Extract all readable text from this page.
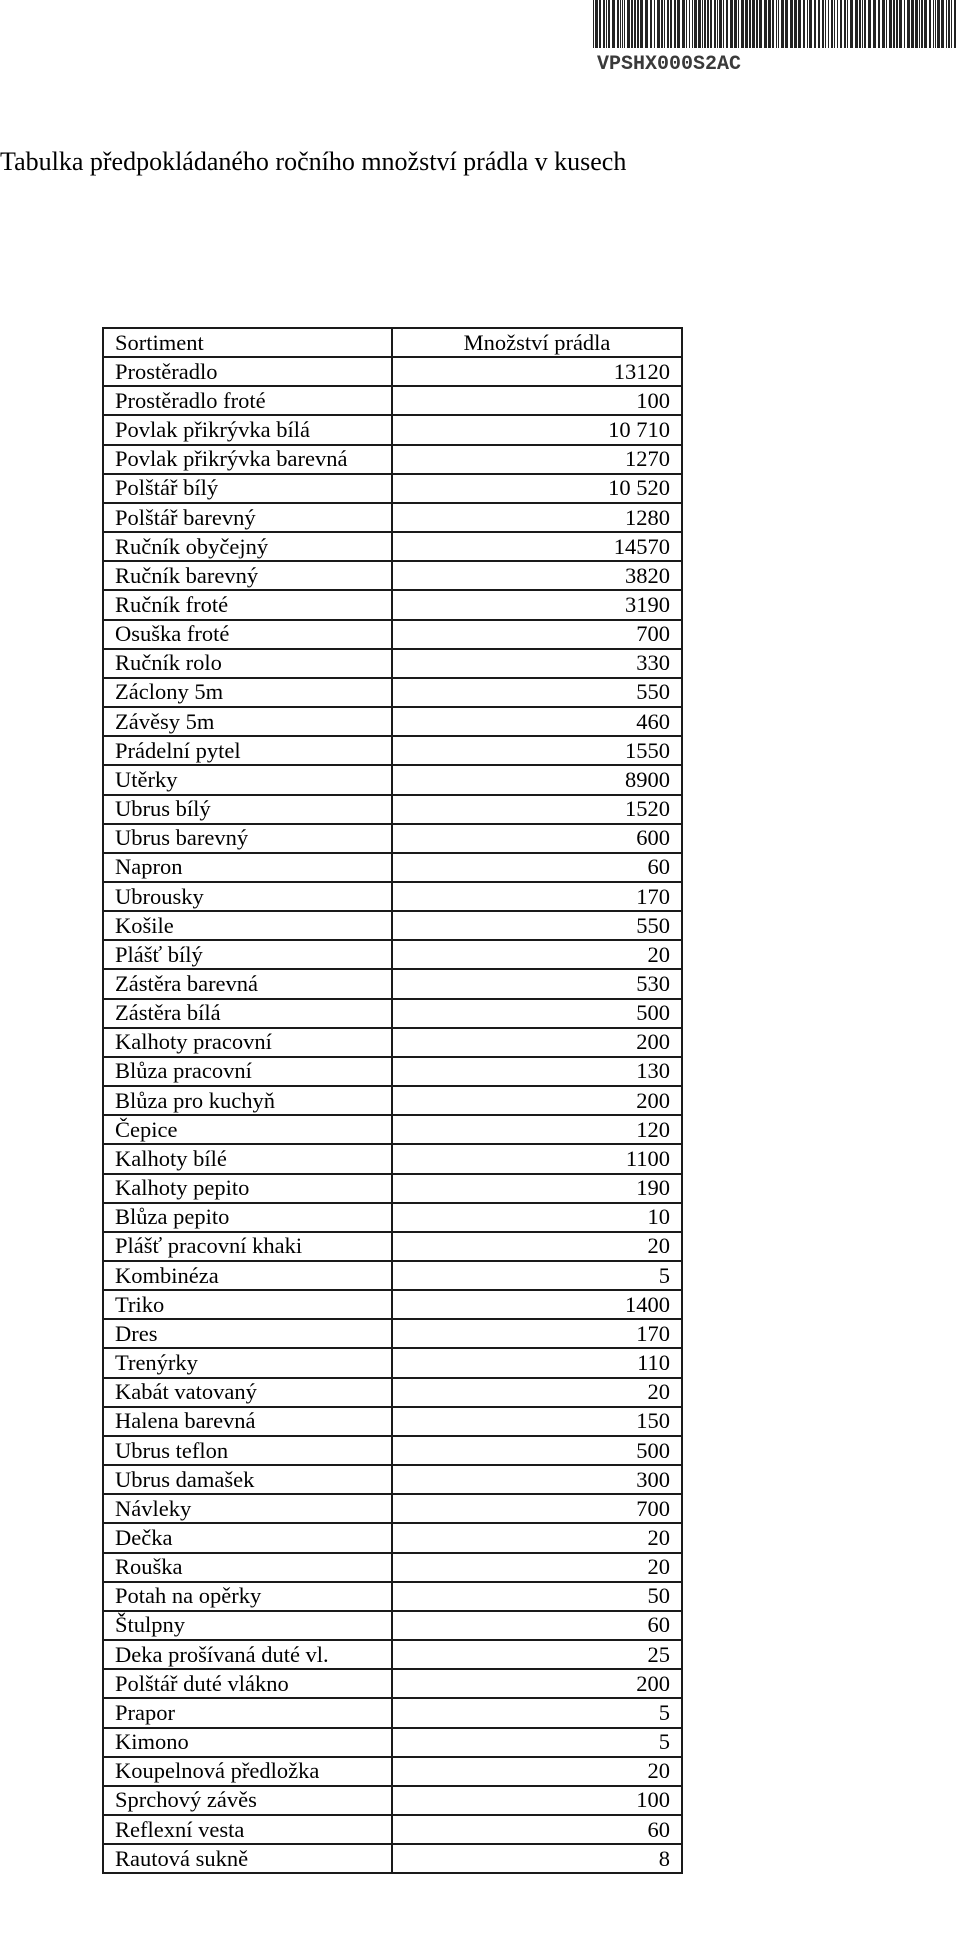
VPSHX000S2AC
Tabulka předpokládaného ročního množství prádla v kusech
Sortiment	Množství prádla
Prostěradlo	13120
Prostěradlo froté	100
Povlak přikrývka bílá	10 710
Povlak přikrývka barevná	1270
Polštář bílý	10 520
Polštář barevný	1280
Ručník obyčejný	14570
Ručník barevný	3820
Ručník froté	3190
Osuška froté	700
Ručník rolo	330
Záclony 5m	550
Závěsy 5m	460
Prádelní pytel	1550
Utěrky	8900
Ubrus bílý	1520
Ubrus barevný	600
Napron	60
Ubrousky	170
Košile	550
Plášť bílý	20
Zástěra barevná	530
Zástěra bílá	500
Kalhoty pracovní	200
Blůza pracovní	130
Blůza pro kuchyň	200
Čepice	120
Kalhoty bílé	1100
Kalhoty pepito	190
Blůza pepito	10
Plášť pracovní khaki	20
Kombinéza	5
Triko	1400
Dres	170
Trenýrky	110
Kabát vatovaný	20
Halena barevná	150
Ubrus teflon	500
Ubrus damašek	300
Návleky	700
Dečka	20
Rouška	20
Potah na opěrky	50
Štulpny	60
Deka prošívaná duté vl.	25
Polštář duté vlákno	200
Prapor	5
Kimono	5
Koupelnová předložka	20
Sprchový závěs	100
Reflexní vesta	60
Rautová sukně	8
